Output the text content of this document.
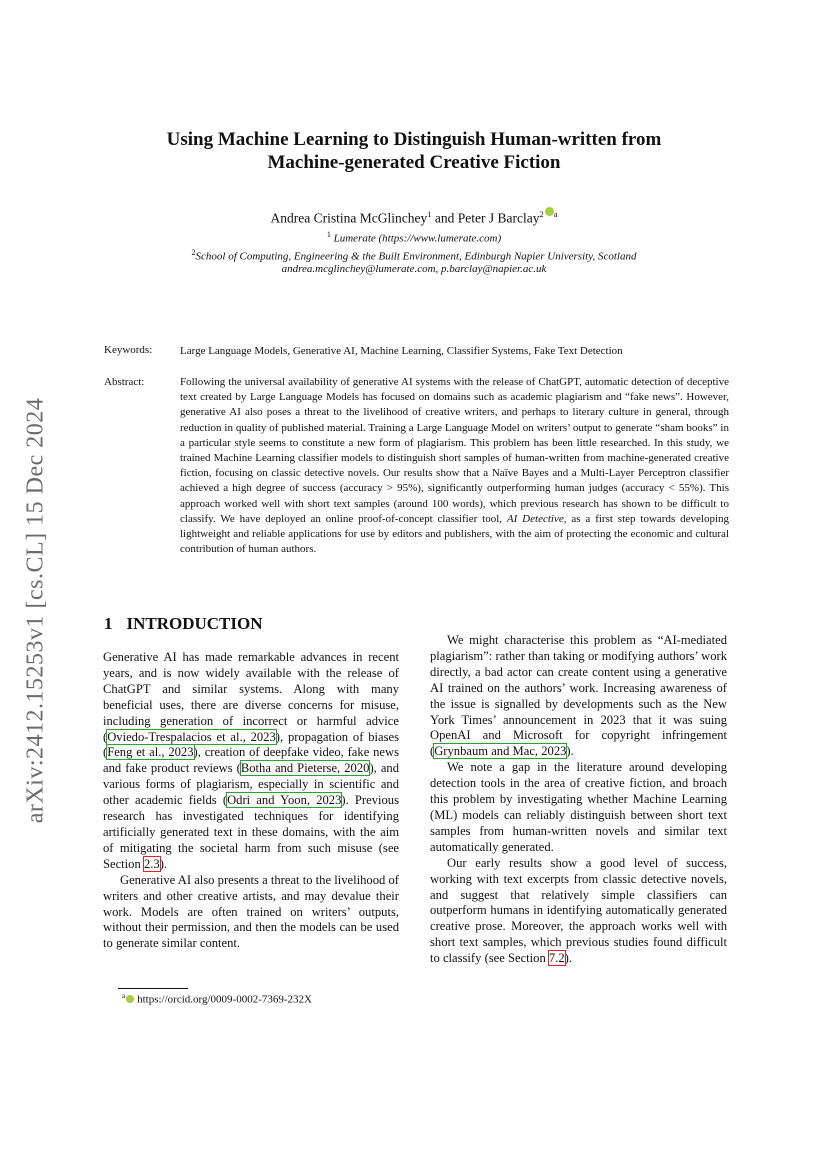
arXiv:2412.15253v1 [cs.CL] 15 Dec 2024
Using Machine Learning to Distinguish Human-written from
Machine-generated Creative Fiction
Andrea Cristina McGlinchey$^1$ and Peter J Barclay$^2$ $^a$
$^1$ Lumerate (https://www.lumerate.com)
$^2$School of Computing, Engineering & the Built Environment, Edinburgh Napier University, Scotland
andrea.mcglinchey@lumerate.com, p.barclay@napier.ac.uk
Keywords:	Large Language Models, Generative AI, Machine Learning, Classifier Systems, Fake Text Detection
Abstract:	Following the universal availability of generative AI systems with the release of ChatGPT, automatic detection of deceptive text created by Large Language Models has focused on domains such as academic plagiarism and “fake news”. However, generative AI also poses a threat to the livelihood of creative writers, and perhaps to literary culture in general, through reduction in quality of published material. Training a Large Language Model on writers’ output to generate “sham books” in a particular style seems to constitute a new form of plagiarism. This problem has been little researched. In this study, we trained Machine Learning classifier models to distinguish short samples of human-written from machine-generated creative fiction, focusing on classic detective novels. Our results show that a Naïve Bayes and a Multi-Layer Perceptron classifier achieved a high degree of success (accuracy > 95%), significantly outperforming human judges (accuracy < 55%). This approach worked well with short text samples (around 100 words), which previous research has shown to be difficult to classify. We have deployed an online proof-of-concept classifier tool, AI Detective, as a first step towards developing lightweight and reliable applications for use by editors and publishers, with the aim of protecting the economic and cultural contribution of human authors.
1 INTRODUCTION

Generative AI has made remarkable advances in recent years, and is now widely available with the release of ChatGPT and similar systems. Along with many beneficial uses, there are diverse concerns for misuse, including generation of incorrect or harmful advice (Oviedo-Trespalacios et al., 2023), propagation of biases (Feng et al., 2023), creation of deepfake video, fake news and fake product reviews (Botha and Pieterse, 2020), and various forms of plagiarism, especially in scientific and other academic fields (Odri and Yoon, 2023). Previous research has investigated techniques for identifying artificially generated text in these domains, with the aim of mitigating the societal harm from such misuse (see Section 2.3).

Generative AI also presents a threat to the livelihood of writers and other creative artists, and may devalue their work. Models are often trained on writers’ outputs, without their permission, and then the models can be used to generate similar content.

We might characterise this problem as “AI-mediated plagiarism”: rather than taking or modifying authors’ work directly, a bad actor can create content using a generative AI trained on the authors’ work. Increasing awareness of the issue is signalled by developments such as the New York Times’ announcement in 2023 that it was suing OpenAI and Microsoft for copyright infringement (Grynbaum and Mac, 2023).

We note a gap in the literature around developing detection tools in the area of creative fiction, and broach this problem by investigating whether Machine Learning (ML) models can reliably distinguish between short text samples from human-written novels and similar text automatically generated.

Our early results show a good level of success, working with text excerpts from classic detective novels, and suggest that relatively simple classifiers can outperform humans in identifying automatically generated creative prose. Moreover, the approach works well with short text samples, which previous studies found difficult to classify (see Section 7.2).

$^a$ https://orcid.org/0009-0002-7369-232X
